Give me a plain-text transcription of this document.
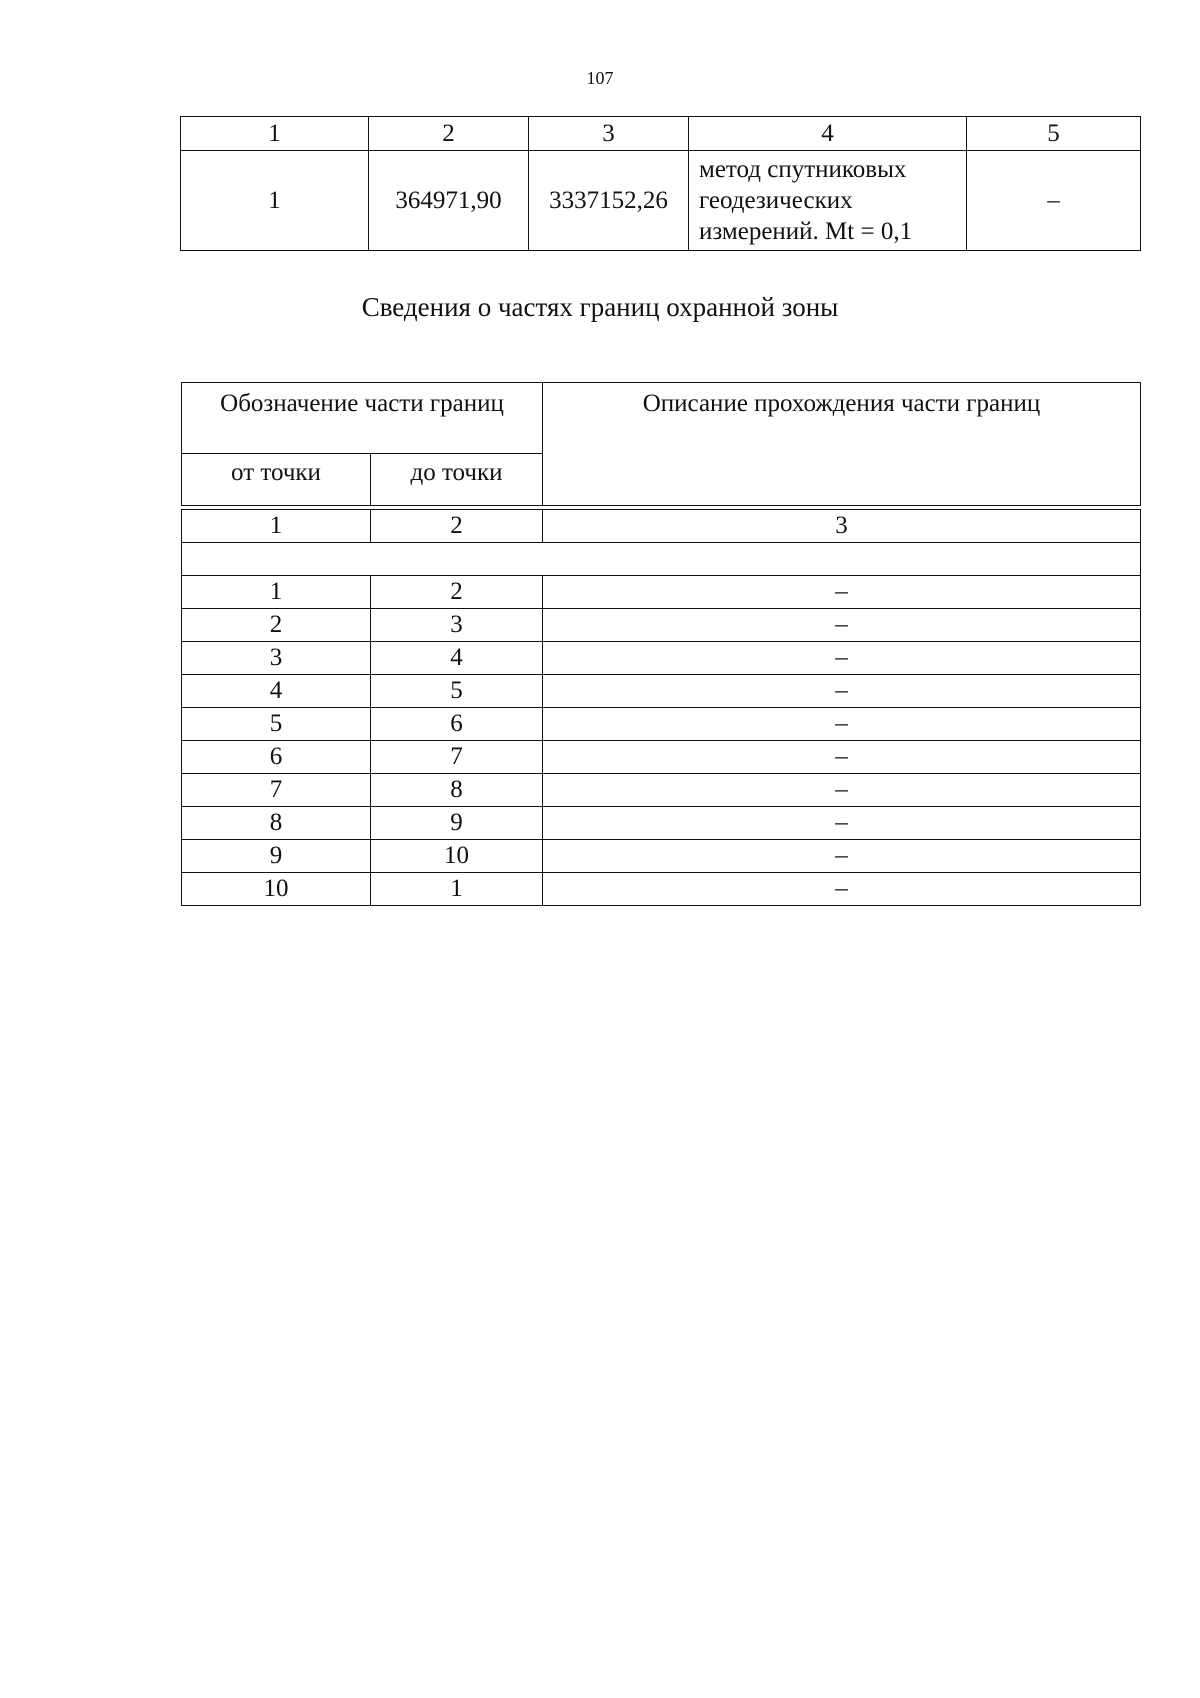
107
1	2	3	4	5
1	364971,90	3337152,26	метод спутниковых
геодезических
измерений. Mt = 0,1	–
Сведения о частях границ охранной зоны
Обозначение части границ		Описание прохождения части границ
от точки	до точки	

1	2	3

1	2	–
2	3	–
3	4	–
4	5	–
5	6	–
6	7	–
7	8	–
8	9	–
9	10	–
10	1	–
